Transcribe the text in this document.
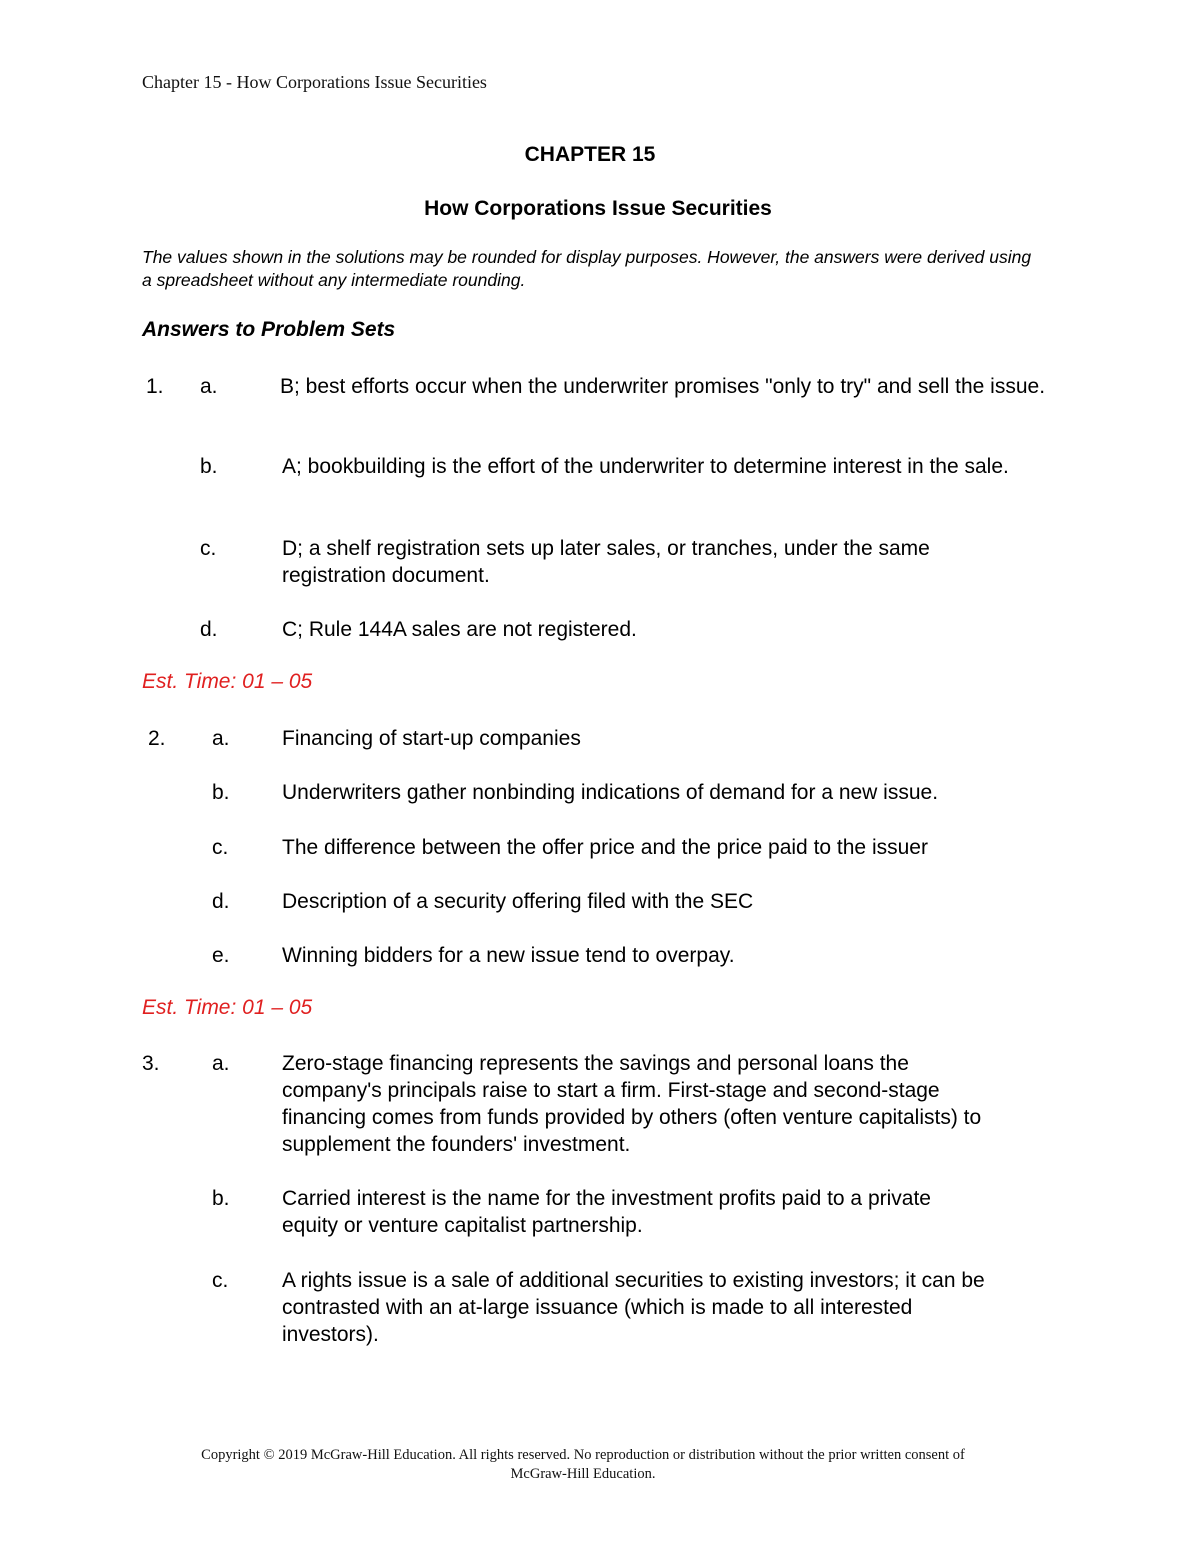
Chapter 15 - How Corporations Issue Securities
CHAPTER 15
How Corporations Issue Securities
The values shown in the solutions may be rounded for display purposes. However, the answers were derived using a spreadsheet without any intermediate rounding.
Answers to Problem Sets
1. a.	B; best efforts occur when the underwriter promises "only to try" and sell the issue.
b.	A; bookbuilding is the effort of the underwriter to determine interest in the sale.
c.	D; a shelf registration sets up later sales, or tranches, under the same registration document.
d.	C; Rule 144A sales are not registered.
Est. Time: 01 – 05
2. a. Financing of start-up companies
b. Underwriters gather nonbinding indications of demand for a new issue.
c.	The difference between the offer price and the price paid to the issuer
d. Description of a security offering filed with the SEC
e. Winning bidders for a new issue tend to overpay.
Est. Time: 01 – 05
3. a. Zero-stage financing represents the savings and personal loans the company's principals raise to start a firm. First-stage and second-stage financing comes from funds provided by others (often venture capitalists) to supplement the founders' investment.
b. Carried interest is the name for the investment profits paid to a private equity or venture capitalist partnership.
c.	A rights issue is a sale of additional securities to existing investors; it can be contrasted with an at-large issuance (which is made to all interested investors).
Copyright © 2019 McGraw-Hill Education. All rights reserved. No reproduction or distribution without the prior written consent of
McGraw-Hill Education.
